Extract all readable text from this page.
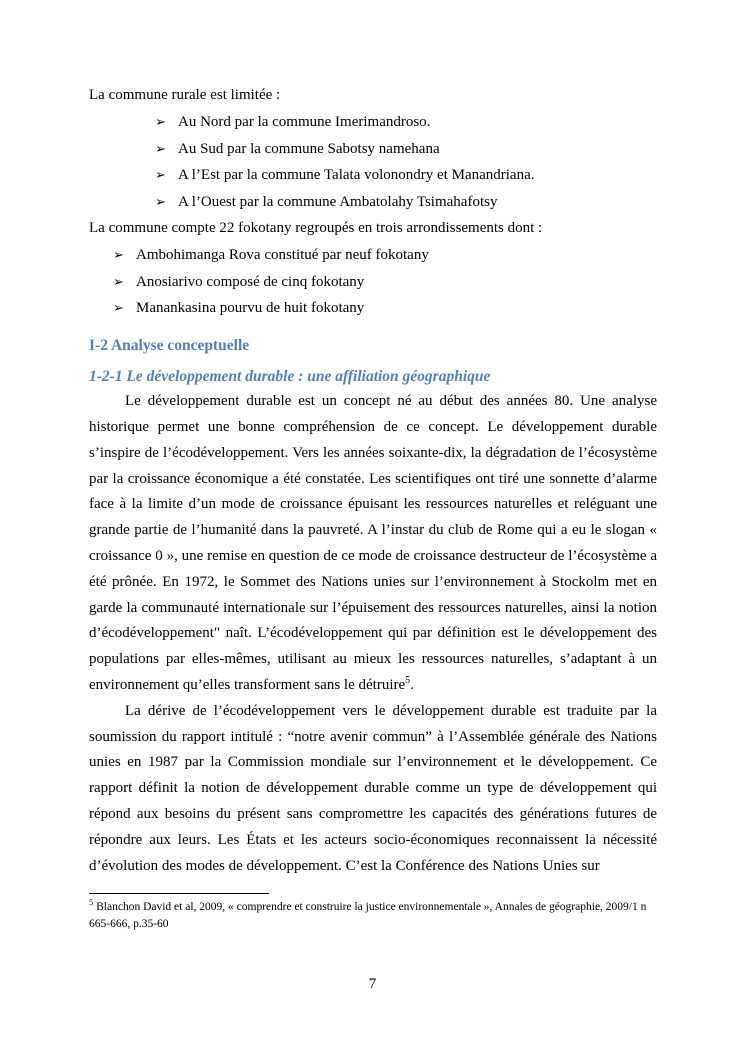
La commune rurale est limitée :

➢ Au Nord par la commune Imerimandroso.
➢ Au Sud par la commune Sabotsy namehana
➢ A l’Est par la commune Talata volonondry et Manandriana.
➢ A l’Ouest par la commune Ambatolahy Tsimahafotsy

La commune compte 22 fokotany regroupés en trois arrondissements dont :

➢ Ambohimanga Rova constitué par neuf fokotany
➢ Anosiarivo composé de cinq fokotany
➢ Manankasina pourvu de huit fokotany
I-2 Analyse conceptuelle
1-2-1 Le développement durable : une affiliation géographique

Le développement durable est un concept né au début des années 80. Une analyse historique permet une bonne compréhension de ce concept. Le développement durable s’inspire de l’écodéveloppement. Vers les années soixante-dix, la dégradation de l’écosystème par la croissance économique a été constatée. Les scientifiques ont tiré une sonnette d’alarme face à la limite d’un mode de croissance épuisant les ressources naturelles et reléguant une grande partie de l’humanité dans la pauvreté. A l’instar du club de Rome qui a eu le slogan « croissance 0 », une remise en question de ce mode de croissance destructeur de l’écosystème a été prônée. En 1972, le Sommet des Nations unies sur l’environnement à Stockolm met en garde la communauté internationale sur l’épuisement des ressources naturelles, ainsi la notion d’écodéveloppement" naît. L’écodéveloppement qui par définition est le développement des populations par elles-mêmes, utilisant au mieux les ressources naturelles, s’adaptant à un environnement qu’elles transforment sans le détruire$^5$.

La dérive de l’écodéveloppement vers le développement durable est traduite par la soumission du rapport intitulé : “notre avenir commun” à l’Assemblée générale des Nations unies en 1987 par la Commission mondiale sur l’environnement et le développement. Ce rapport définit la notion de développement durable comme un type de développement qui répond aux besoins du présent sans compromettre les capacités des générations futures de répondre aux leurs. Les États et les acteurs socio-économiques reconnaissent la nécessité d’évolution des modes de développement. C’est la Conférence des Nations Unies sur

$^5$ Blanchon David et al, 2009, « comprendre et construire la justice environnementale », Annales de géographie, 2009/1 n 665-666, p.35-60

7
